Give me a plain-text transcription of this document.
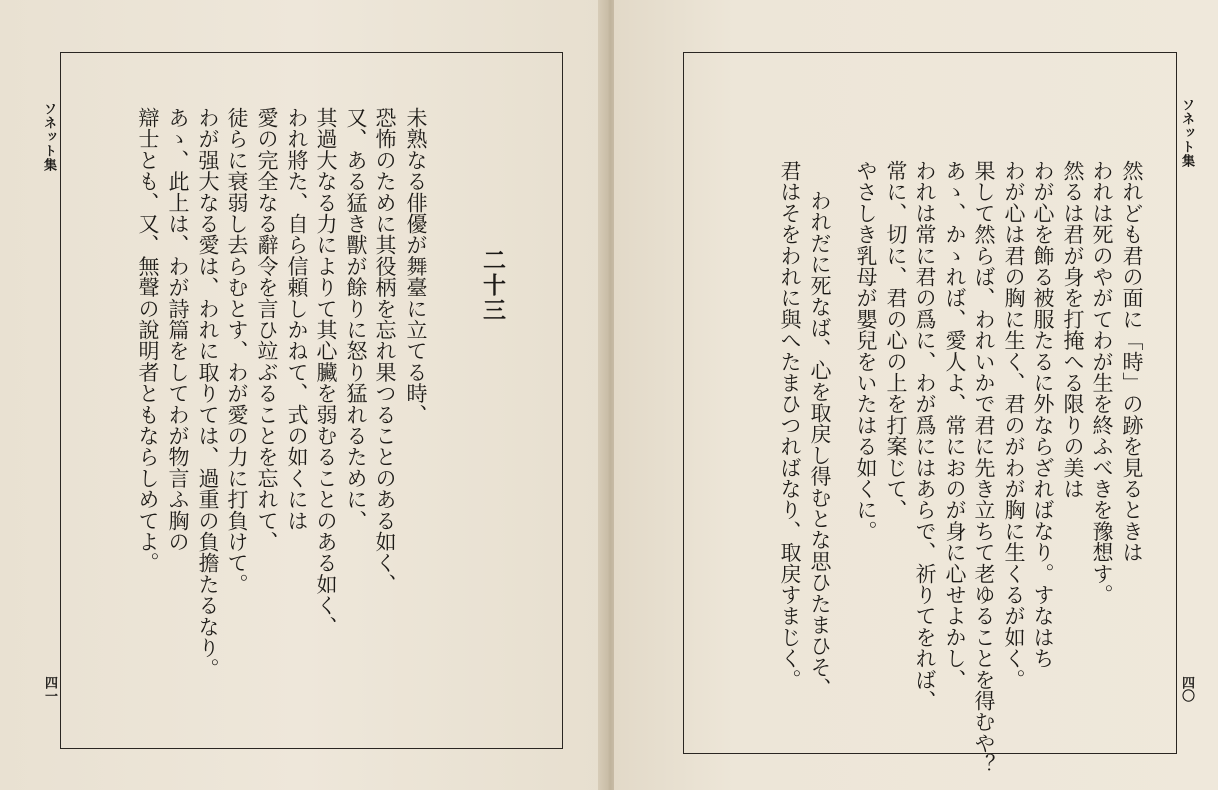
ソネット集
四一
二十三
未熟なる俳優が舞臺に立てる時、
恐怖のために其役柄を忘れ果つることのある如く、
又、ある猛き獸が餘りに怒り猛れるために、
其過大なる力によりて其心臟を弱むることのある如く、
われ將た、自ら信頼しかねて、式の如くには
愛の完全なる辭令を言ひ竝ぶることを忘れて、
徒らに衰弱し去らむとす、わが愛の力に打負けて。
わが强大なる愛は、われに取りては、過重の負擔たるなり。
あゝ、此上は、わが詩篇をしてわが物言ふ胸の
辯士とも、又、無聲の說明者ともならしめてよ。	ソネット集
四〇
然れども君の面に「時」の跡を見るときは
われは死のやがてわが生を終ふべきを豫想す。
然るは君が身を打掩へる限りの美は
わが心を飾る被服たるに外ならざればなり。すなはち
わが心は君の胸に生く、君のがわが胸に生くるが如く。
果して然らば、われいかで君に先き立ちて老ゆることを得むや？
あゝ、かゝれば、愛人よ、常におのが身に心せよかし、
われは常に君の爲に、わが爲にはあらで、祈りてをれば、
常に、切に、君の心の上を打案じて、
やさしき乳母が嬰兒をいたはる如くに。
われだに死なば、心を取戻し得むとな思ひたまひそ、
君はそをわれに與へたまひつればなり、取戻すまじく。
